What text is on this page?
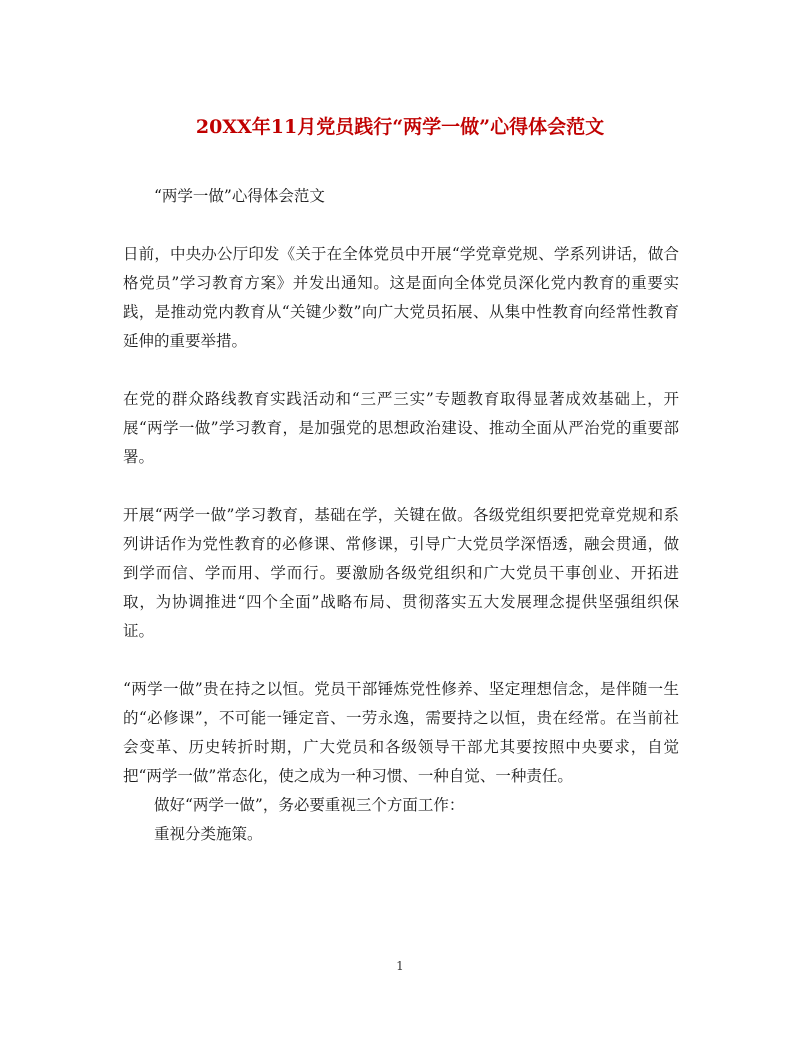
20XX年11月党员践行“两学一做”心得体会范文

“两学一做”心得体会范文

日前，中央办公厅印发《关于在全体党员中开展“学党章党规、学系列讲话，做合格党员”学习教育方案》并发出通知。这是面向全体党员深化党内教育的重要实践，是推动党内教育从“关键少数”向广大党员拓展、从集中性教育向经常性教育延伸的重要举措。

在党的群众路线教育实践活动和“三严三实”专题教育取得显著成效基础上，开展“两学一做”学习教育，是加强党的思想政治建设、推动全面从严治党的重要部署。

开展“两学一做”学习教育，基础在学，关键在做。各级党组织要把党章党规和系列讲话作为党性教育的必修课、常修课，引导广大党员学深悟透，融会贯通，做到学而信、学而用、学而行。要激励各级党组织和广大党员干事创业、开拓进取，为协调推进“四个全面”战略布局、贯彻落实五大发展理念提供坚强组织保证。

“两学一做”贵在持之以恒。党员干部锤炼党性修养、坚定理想信念，是伴随一生的“必修课”，不可能一锤定音、一劳永逸，需要持之以恒，贵在经常。在当前社会变革、历史转折时期，广大党员和各级领导干部尤其要按照中央要求，自觉把“两学一做”常态化，使之成为一种习惯、一种自觉、一种责任。

做好“两学一做”，务必要重视三个方面工作：

重视分类施策。

1
